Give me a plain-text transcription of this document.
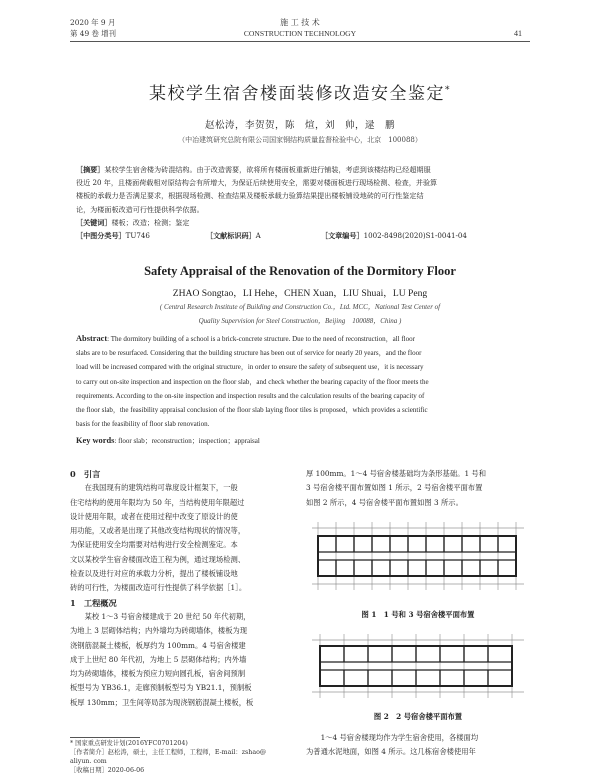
2020 年 9 月
第 49 卷 增刊
施 工 技 术
CONSTRUCTION TECHNOLOGY	41
某校学生宿舍楼面装修改造安全鉴定*
赵松涛，李贺贺，陈　煊，刘　帅，逯　鹏
（中冶建筑研究总院有限公司国家钢结构质量监督检验中心，北京　100088）
［摘要］某校学生宿舍楼为砖混结构。由于改造需要，欲将所有楼面板重新进行铺装，考虑到该楼结构已经超期服
役近 20 年，且楼面荷载相对原结构会有所增大，为保证后续使用安全，需要对楼面板进行现场检测、检查，并验算
楼板的承载力是否满足要求，根据现场检测、检查结果及楼板承载力验算结果提出楼板铺设地砖的可行性鉴定结
论，为楼面板改造可行性提供科学依据。
［关键词］楼板；改造；检测；鉴定
［中图分类号］TU746	［文献标识码］A	［文章编号］1002-8498(2020)S1-0041-04
Safety Appraisal of the Renovation of the Dormitory Floor
ZHAO Songtao，LI Hehe，CHEN Xuan，LIU Shuai，LU Peng
( Central Research Institute of Building and Construction Co.，Ltd. MCC，National Test Center of
Quality Supervision for Steel Construction，Beijing　100088，China )
Abstract: The dormitory building of a school is a brick-concrete structure. Due to the need of reconstruction，all floor
slabs are to be resurfaced. Considering that the building structure has been out of service for nearly 20 years，and the floor
load will be increased compared with the original structure，in order to ensure the safety of subsequent use，it is necessary
to carry out on-site inspection and inspection on the floor slab，and check whether the bearing capacity of the floor meets the
requirements. According to the on-site inspection and inspection results and the calculation results of the bearing capacity of
the floor slab，the feasibility appraisal conclusion of the floor slab laying floor tiles is proposed，which provides a scientific
basis for the feasibility of floor slab renovation.
Key words: floor slab；reconstruction；inspection；appraisal
0　引言
　　在我国现有的建筑结构可靠度设计框架下，一般
住宅结构的使用年限均为 50 年，当结构使用年限超过
设计使用年限，或者在使用过程中改变了原设计的使
用功能，又或者是出现了其他改变结构现状的情况等，
为保证使用安全均需要对结构进行安全检测鉴定。本
文以某校学生宿舍楼面改造工程为例，通过现场检测、
检查以及进行对应的承载力分析，提出了楼板铺设地
砖的可行性，为楼面改造可行性提供了科学依据［1］。
1　工程概况
　　某校 1～3 号宿舍楼建成于 20 世纪 50 年代初期，
为地上 3 层砌体结构；内外墙均为砖砌墙体，楼板为现
浇钢筋混凝土楼板，板厚约为 100mm。4 号宿舍楼建
成于上世纪 80 年代初，为地上 5 层砌体结构；内外墙
均为砖砌墙体，楼板为预应力短向圆孔板，宿舍间预制
板型号为 YB36.1，走廊预制板型号为 YB21.1，预制板
板厚 130mm；卫生间等局部为现浇钢筋混凝土楼板，板
* 国家重点研发计划(2016YFC0701204)
［作者简介］赵松涛，硕士，主任工程师，工程师，E-mail：zshao@
aliyun. com
［收稿日期］2020-06-06
厚 100mm。1～4 号宿舍楼基础均为条形基础。1 号和
3 号宿舍楼平面布置如图 1 所示，2 号宿舍楼平面布置
如图 2 所示，4 号宿舍楼平面布置如图 3 所示。
图 1　1 号和 3 号宿舍楼平面布置
图 2　2 号宿舍楼平面布置
　　1～4 号宿舍楼现均作为学生宿舍使用，各楼面均
为普通水泥地面，如图 4 所示。这几栋宿舍楼使用年
